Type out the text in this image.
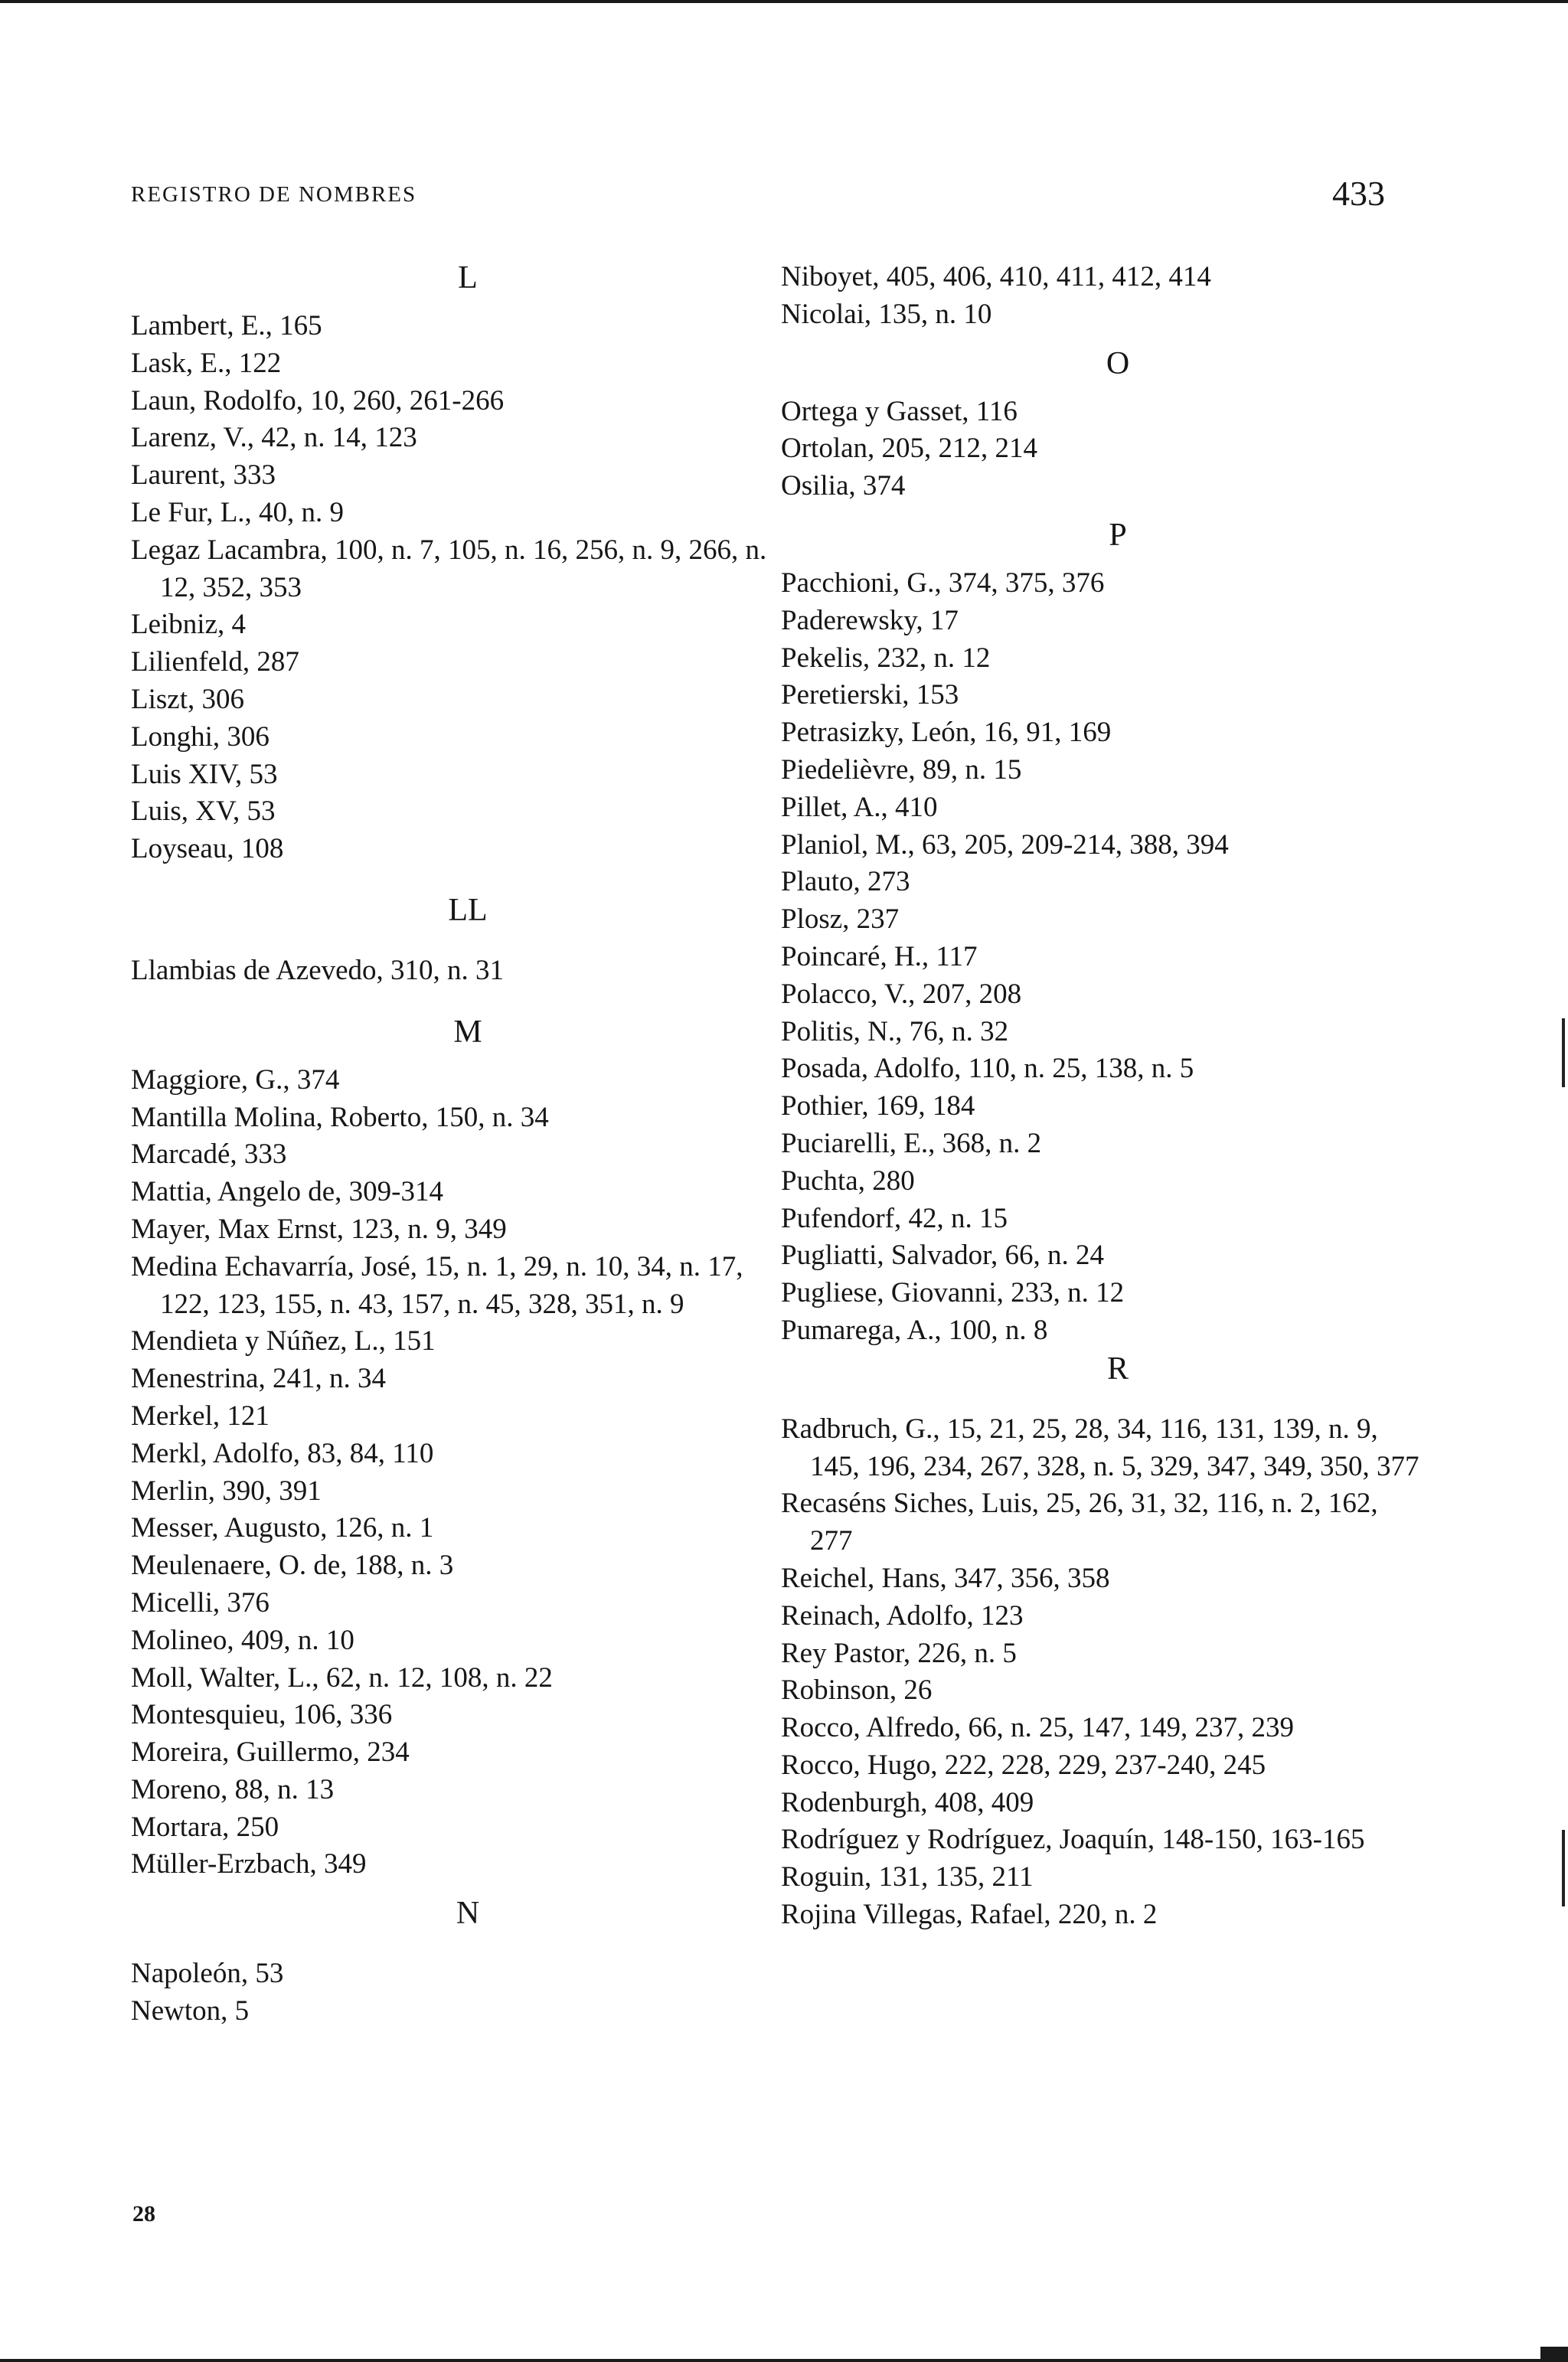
REGISTRO DE NOMBRES	433
L
Lambert, E., 165
Lask, E., 122
Laun, Rodolfo, 10, 260, 261-266
Larenz, V., 42, n. 14, 123
Laurent, 333
Le Fur, L., 40, n. 9
Legaz Lacambra, 100, n. 7, 105, n. 16, 256, n. 9, 266, n. 12, 352, 353
Leibniz, 4
Lilienfeld, 287
Liszt, 306
Longhi, 306
Luis XIV, 53
Luis, XV, 53
Loyseau, 108
LL
Llambias de Azevedo, 310, n. 31
M
Maggiore, G., 374
Mantilla Molina, Roberto, 150, n. 34
Marcadé, 333
Mattia, Angelo de, 309-314
Mayer, Max Ernst, 123, n. 9, 349
Medina Echavarría, José, 15, n. 1, 29, n. 10, 34, n. 17, 122, 123, 155, n. 43, 157, n. 45, 328, 351, n. 9
Mendieta y Núñez, L., 151
Menestrina, 241, n. 34
Merkel, 121
Merkl, Adolfo, 83, 84, 110
Merlin, 390, 391
Messer, Augusto, 126, n. 1
Meulenaere, O. de, 188, n. 3
Micelli, 376
Molineo, 409, n. 10
Moll, Walter, L., 62, n. 12, 108, n. 22
Montesquieu, 106, 336
Moreira, Guillermo, 234
Moreno, 88, n. 13
Mortara, 250
Müller-Erzbach, 349
N
Napoleón, 53
Newton, 5
Niboyet, 405, 406, 410, 411, 412, 414
Nicolai, 135, n. 10
O
Ortega y Gasset, 116
Ortolan, 205, 212, 214
Osilia, 374
P
Pacchioni, G., 374, 375, 376
Paderewsky, 17
Pekelis, 232, n. 12
Peretierski, 153
Petrasizky, León, 16, 91, 169
Piedelièvre, 89, n. 15
Pillet, A., 410
Planiol, M., 63, 205, 209-214, 388, 394
Plauto, 273
Plosz, 237
Poincaré, H., 117
Polacco, V., 207, 208
Politis, N., 76, n. 32
Posada, Adolfo, 110, n. 25, 138, n. 5
Pothier, 169, 184
Puciarelli, E., 368, n. 2
Puchta, 280
Pufendorf, 42, n. 15
Pugliatti, Salvador, 66, n. 24
Pugliese, Giovanni, 233, n. 12
Pumarega, A., 100, n. 8
R
Radbruch, G., 15, 21, 25, 28, 34, 116, 131, 139, n. 9, 145, 196, 234, 267, 328, n. 5, 329, 347, 349, 350, 377
Recaséns Siches, Luis, 25, 26, 31, 32, 116, n. 2, 162, 277
Reichel, Hans, 347, 356, 358
Reinach, Adolfo, 123
Rey Pastor, 226, n. 5
Robinson, 26
Rocco, Alfredo, 66, n. 25, 147, 149, 237, 239
Rocco, Hugo, 222, 228, 229, 237-240, 245
Rodenburgh, 408, 409
Rodríguez y Rodríguez, Joaquín, 148-150, 163-165
Roguin, 131, 135, 211
Rojina Villegas, Rafael, 220, n. 2
28
